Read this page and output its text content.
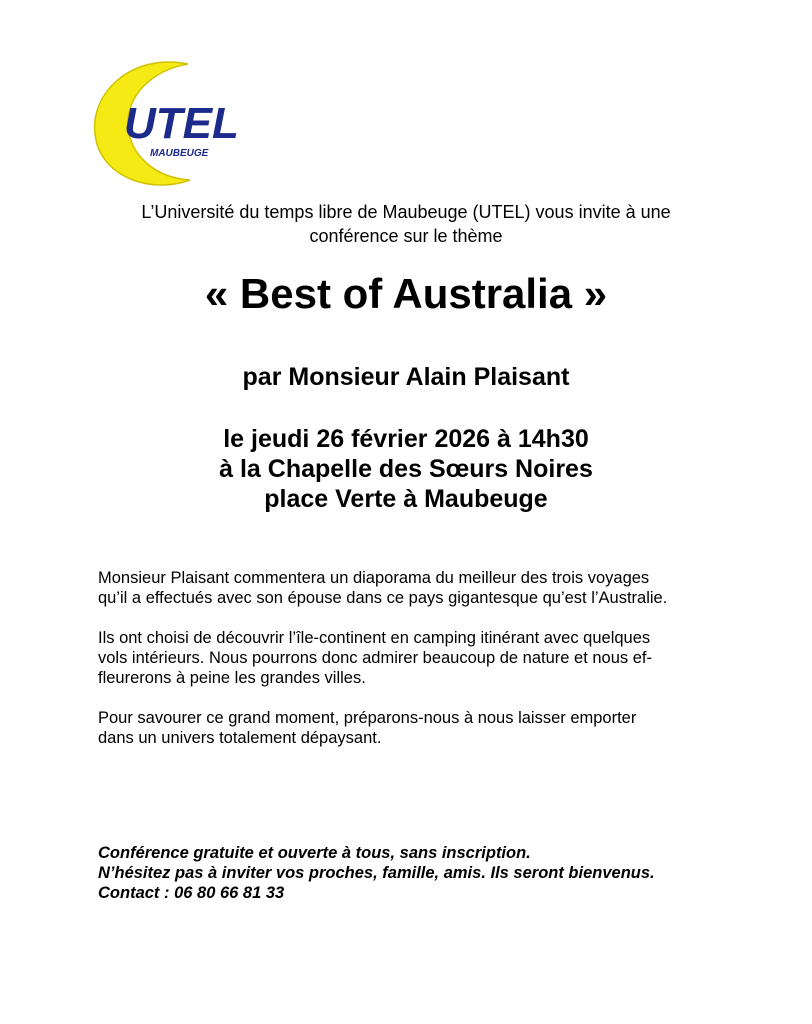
UTEL
MAUBEUGE
L’Université du temps libre de Maubeuge (UTEL) vous invite à une
conférence sur le thème
« Best of Australia »
par Monsieur Alain Plaisant
le jeudi 26 février 2026 à 14h30
à la Chapelle des Sœurs Noires
place Verte à Maubeuge
Monsieur Plaisant commentera un diaporama du meilleur des trois voyages
qu’il a effectués avec son épouse dans ce pays gigantesque qu’est l’Australie.
Ils ont choisi de découvrir l’île-continent en camping itinérant avec quelques
vols intérieurs. Nous pourrons donc admirer beaucoup de nature et nous ef-
fleurerons à peine les grandes villes.
Pour savourer ce grand moment, préparons-nous à nous laisser emporter
dans un univers totalement dépaysant.
Conférence gratuite et ouverte à tous, sans inscription.
N’hésitez pas à inviter vos proches, famille, amis. Ils seront bienvenus.
Contact : 06 80 66 81 33
